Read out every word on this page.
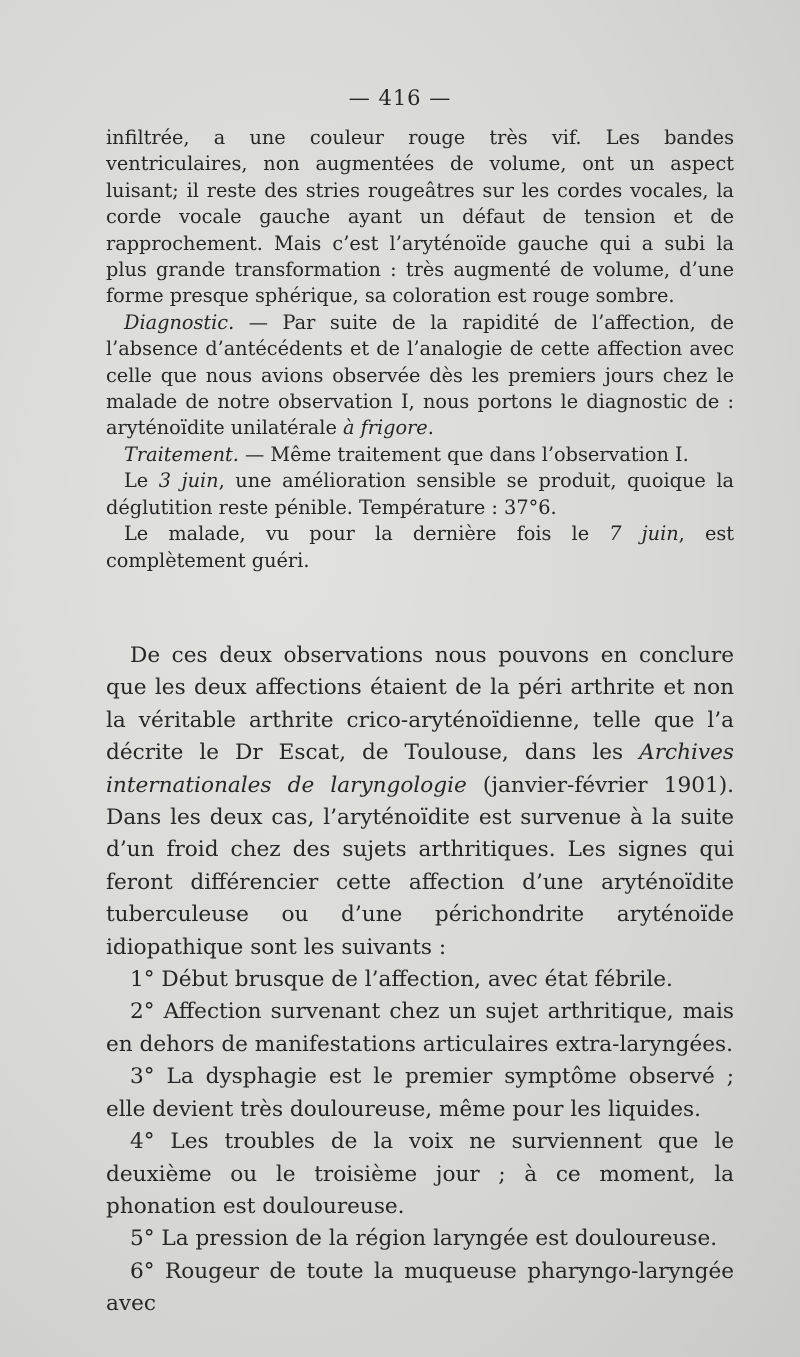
— 416 —

infiltrée, a une couleur rouge très vif. Les bandes ventriculaires, non augmentées de volume, ont un aspect luisant; il reste des stries rougeâtres sur les cordes vocales, la corde vocale gauche ayant un défaut de tension et de rapprochement. Mais c’est l’aryténoïde gauche qui a subi la plus grande transformation : très augmenté de volume, d’une forme presque sphérique, sa coloration est rouge sombre.

Diagnostic. — Par suite de la rapidité de l’affection, de l’absence d’antécédents et de l’analogie de cette affection avec celle que nous avions observée dès les premiers jours chez le malade de notre observation I, nous portons le diagnostic de : aryténoïdite unilatérale à frigore.

Traitement. — Même traitement que dans l’observation I.

Le 3 juin, une amélioration sensible se produit, quoique la déglutition reste pénible. Température : 37°6.

Le malade, vu pour la dernière fois le 7 juin, est complètement guéri.

De ces deux observations nous pouvons en conclure que les deux affections étaient de la péri arthrite et non la véritable arthrite crico-aryténoïdienne, telle que l’a décrite le Dr Escat, de Toulouse, dans les Archives internationales de laryngologie (janvier-février 1901). Dans les deux cas, l’aryténoïdite est survenue à la suite d’un froid chez des sujets arthritiques. Les signes qui feront différencier cette affection d’une aryténoïdite tuberculeuse ou d’une périchondrite aryténoïde idiopathique sont les suivants :

1° Début brusque de l’affection, avec état fébrile.

2° Affection survenant chez un sujet arthritique, mais en dehors de manifestations articulaires extra-laryngées.

3° La dysphagie est le premier symptôme observé ; elle devient très douloureuse, même pour les liquides.

4° Les troubles de la voix ne surviennent que le deuxième ou le troisième jour ; à ce moment, la phonation est douloureuse.

5° La pression de la région laryngée est douloureuse.

6° Rougeur de toute la muqueuse pharyngo-laryngée avec
